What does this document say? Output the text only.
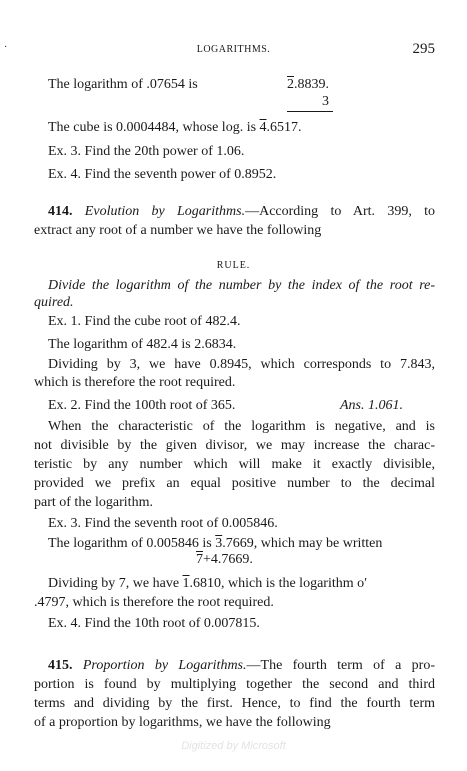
·	LOGARITHMS.	295
The logarithm of .07654 is	2.8839.
3
The cube is 0.0004484, whose log. is 4.6517.
Ex. 3. Find the 20th power of 1.06.
Ex. 4. Find the seventh power of 0.8952.
414. Evolution by Logarithms.—According to Art. 399, to
extract any root of a number we have the following
RULE.
Divide the logarithm of the number by the index of the root re-
quired.
Ex. 1. Find the cube root of 482.4.
The logarithm of 482.4 is 2.6834.
Dividing by 3, we have 0.8945, which corresponds to 7.843,
which is therefore the root required.
Ex. 2. Find the 100th root of 365.	Ans. 1.061.
When the characteristic of the logarithm is negative, and is
not divisible by the given divisor, we may increase the charac-
teristic by any number which will make it exactly divisible,
provided we prefix an equal positive number to the decimal
part of the logarithm.
Ex. 3. Find the seventh root of 0.005846.
The logarithm of 0.005846 is 3.7669, which may be written
7+4.7669.
Dividing by 7, we have 1.6810, which is the logarithm o′
.4797, which is therefore the root required.
Ex. 4. Find the 10th root of 0.007815.
415. Proportion by Logarithms.—The fourth term of a pro-
portion is found by multiplying together the second and third
terms and dividing by the first. Hence, to find the fourth term
of a proportion by logarithms, we have the following
Digitized by Microsoft
